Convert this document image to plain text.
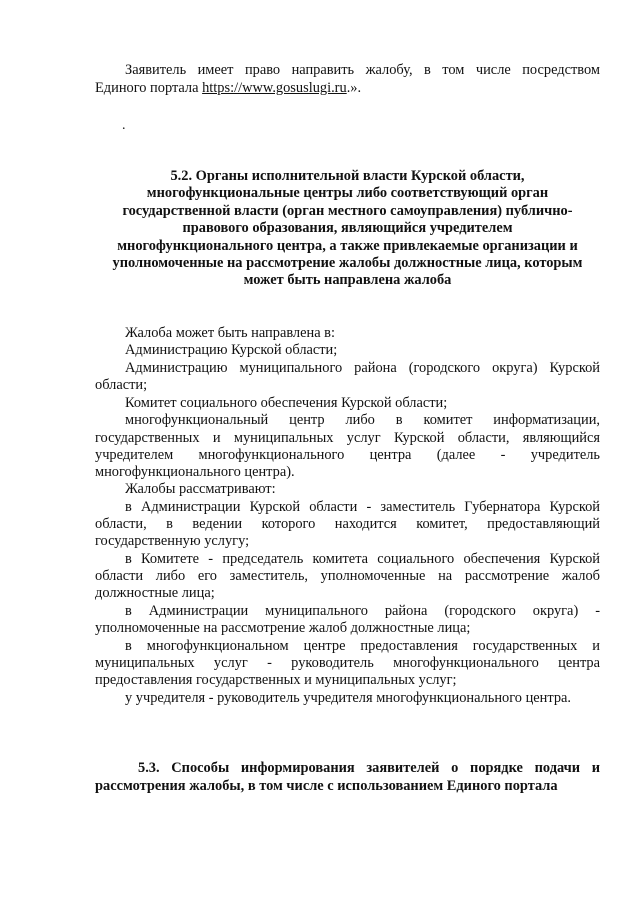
Заявитель имеет право направить жалобу, в том числе посредством
Единого портала https://www.gosuslugi.ru.».
.
5.2. Органы исполнительной власти Курской области,
многофункциональные центры либо соответствующий орган
государственной власти (орган местного самоуправления) публично-
правового образования, являющийся учредителем
многофункционального центра, а также привлекаемые организации и
уполномоченные на рассмотрение жалобы должностные лица, которым
может быть направлена жалоба
Жалоба может быть направлена в:
Администрацию Курской области;
Администрацию муниципального района (городского округа) Курской
области;
Комитет социального обеспечения Курской области;
многофункциональный центр либо в комитет информатизации,
государственных и муниципальных услуг Курской области, являющийся
учредителем многофункционального центра (далее - учредитель
многофункционального центра).
Жалобы рассматривают:
в Администрации Курской области - заместитель Губернатора Курской
области, в ведении которого находится комитет, предоставляющий
государственную услугу;
в Комитете - председатель комитета социального обеспечения Курской
области либо его заместитель, уполномоченные на рассмотрение жалоб
должностные лица;
в Администрации муниципального района (городского округа) -
уполномоченные на рассмотрение жалоб должностные лица;
в многофункциональном центре предоставления государственных и
муниципальных услуг - руководитель многофункционального центра
предоставления государственных и муниципальных услуг;
у учредителя - руководитель учредителя многофункционального центра.
5.3. Способы информирования заявителей о порядке подачи и
рассмотрения жалобы, в том числе с использованием Единого портала
